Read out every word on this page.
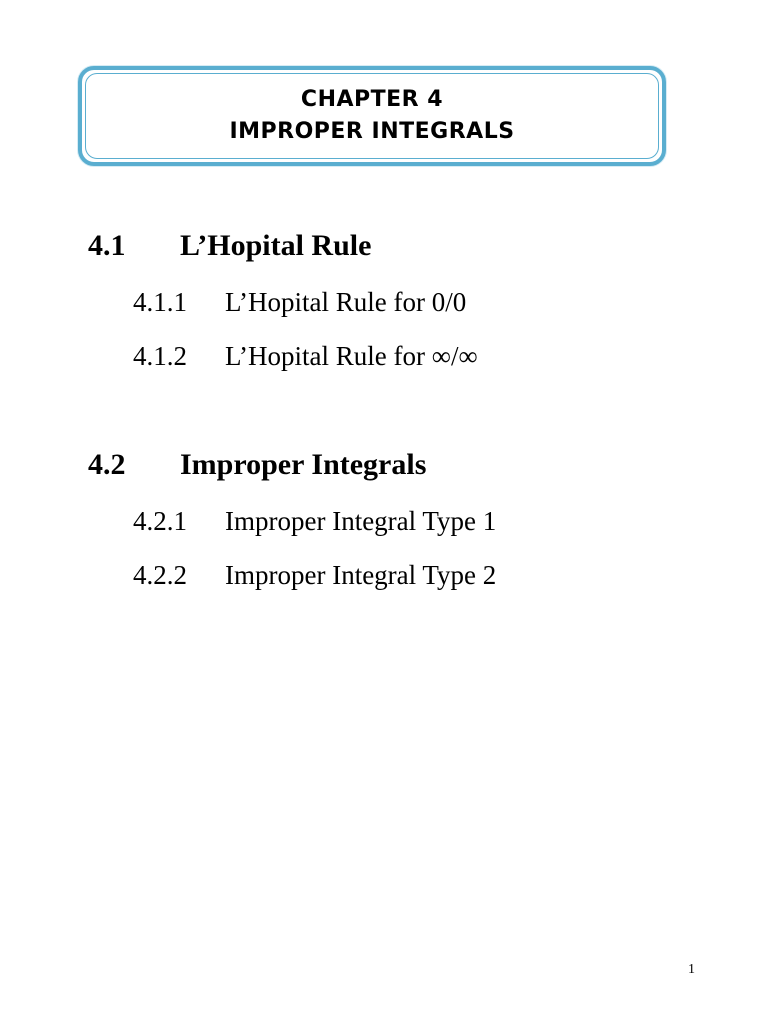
CHAPTER 4
IMPROPER INTEGRALS
4.1 L’Hopital Rule
4.1.1 L’Hopital Rule for 0/0
4.1.2 L’Hopital Rule for ∞/∞
4.2 Improper Integrals
4.2.1 Improper Integral Type 1
4.2.2 Improper Integral Type 2
1
